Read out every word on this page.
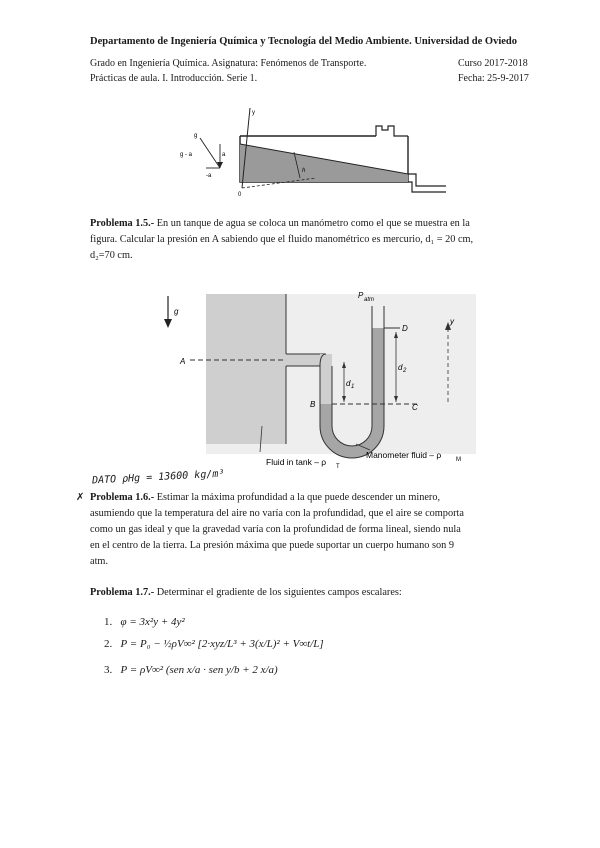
Departamento de Ingeniería Química y Tecnología del Medio Ambiente. Universidad de Oviedo
Grado en Ingeniería Química. Asignatura: Fenómenos de Transporte.	Curso 2017-2018
Prácticas de aula. I. Introducción. Serie 1.	Fecha: 25-9-2017
y
0
h
g
g - a	a
-a
Problema 1.5.- En un tanque de agua se coloca un manómetro como el que se muestra en la
figura. Calcular la presión en A sabiendo que el fluido manométrico es mercurio, d₁ = 20 cm,
d₂=70 cm.
g
A
B	C
D
P atm
d 1
d 2
y
Fluid in tank – ρ T
Manometer fluid – ρ M
DATO ρHg = 13600 kg/m³
✗ Problema 1.6.- Estimar la máxima profundidad a la que puede descender un minero,
asumiendo que la temperatura del aire no varía con la profundidad, que el aire se comporta
como un gas ideal y que la gravedad varía con la profundidad de forma lineal, siendo nula
en el centro de la tierra. La presión máxima que puede suportar un cuerpo humano son 9
atm.
Problema 1.7.- Determinar el gradiente de los siguientes campos escalares:
1. φ = 3x²y + 4y²
2. P = P₀ − ½ρV∞² [2·xyz/L³ + 3(x/L)² + V∞t/L]
3. P = ρV∞² (sen x/a · sen y/b + 2 x/a)
